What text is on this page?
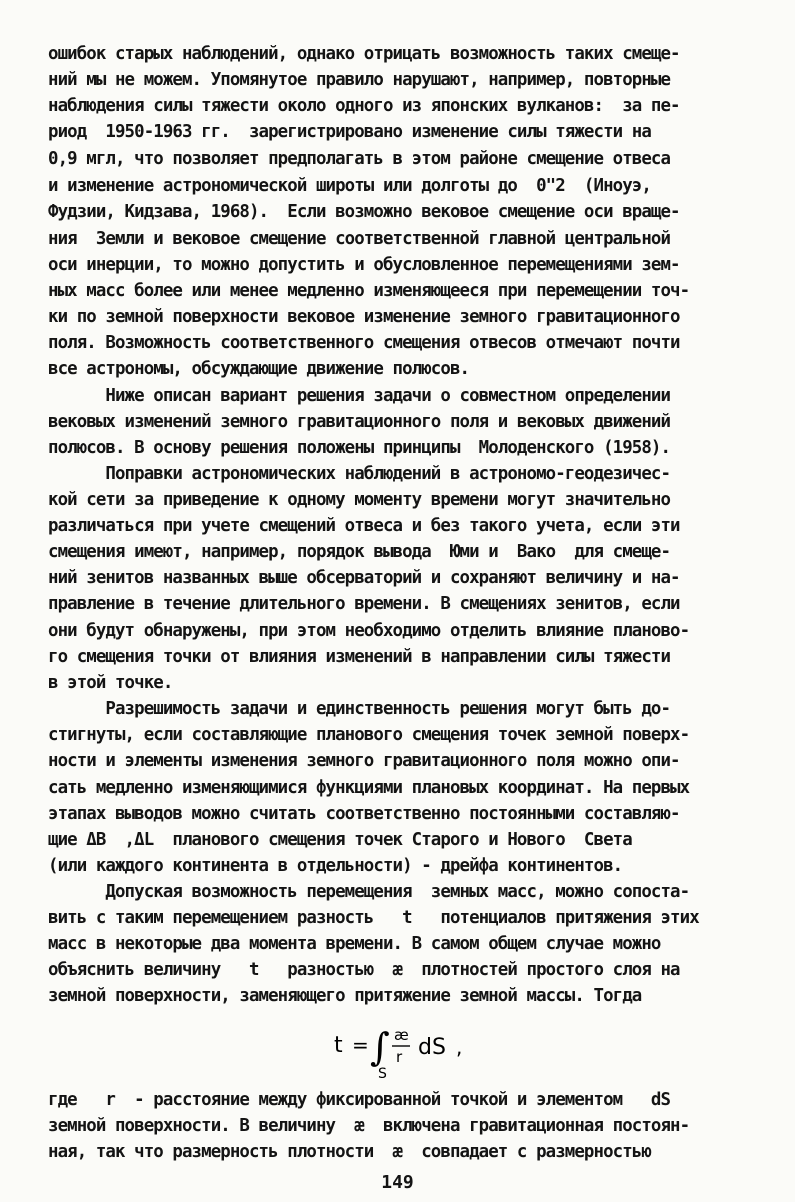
ошибок старых наблюдений, однако отрицать возможность таких смеще-
ний мы не можем. Упомянутое правило нарушают, например, повторные
наблюдения силы тяжести около одного из японских вулканов:  за пе-
риод  1950-1963 гг.  зарегистрировано изменение силы тяжести на
0,9 мгл, что позволяет предполагать в этом районе смещение отвеса
и изменение астрономической широты или долготы до  0"2  (Иноуэ,
Фудзии, Кидзава, 1968).  Если возможно вековое смещение оси враще-
ния  Земли и вековое смещение соответственной главной центральной
оси инерции, то можно допустить и обусловленное перемещениями зем-
ных масс более или менее медленно изменяющееся при перемещении точ-
ки по земной поверхности вековое изменение земного гравитационного
поля. Возможность соответственного смещения отвесов отмечают почти
все астрономы, обсуждающие движение полюсов.
Ниже описан вариант решения задачи о совместном определении
вековых изменений земного гравитационного поля и вековых движений
полюсов. В основу решения положены принципы  Молоденского (1958).
Поправки астрономических наблюдений в астрономо-геодезичес-
кой сети за приведение к одному моменту времени могут значительно
различаться при учете смещений отвеса и без такого учета, если эти
смещения имеют, например, порядок вывода  Юми и  Вако  для смеще-
ний зенитов названных выше обсерваторий и сохраняют величину и на-
правление в течение длительного времени. В смещениях зенитов, если
они будут обнаружены, при этом необходимо отделить влияние планово-
го смещения точки от влияния изменений в направлении силы тяжести
в этой точке.
Разрешимость задачи и единственность решения могут быть до-
стигнуты, если составляющие планового смещения точек земной поверх-
ности и элементы изменения земного гравитационного поля можно опи-
сать медленно изменяющимися функциями плановых координат. На первых
этапах выводов можно считать соответственно постоянными составляю-
щие ΔB  ,ΔL  планового смещения точек Старого и Нового  Света
(или каждого континента в отдельности) - дрейфа континентов.
Допуская возможность перемещения  земных масс, можно сопоста-
вить с таким перемещением разность   t   потенциалов притяжения этих
масс в некоторые два момента времени. В самом общем случае можно
объяснить величину   t   разностью  æ  плотностей простого слоя на
земной поверхности, заменяющего притяжение земной массы. Тогда
t = ∫
S
æ
r dS ,
где   r  - расстояние между фиксированной точкой и элементом   dS
земной поверхности. В величину  æ  включена гравитационная постоян-
ная, так что размерность плотности  æ  совпадает с размерностью
149
